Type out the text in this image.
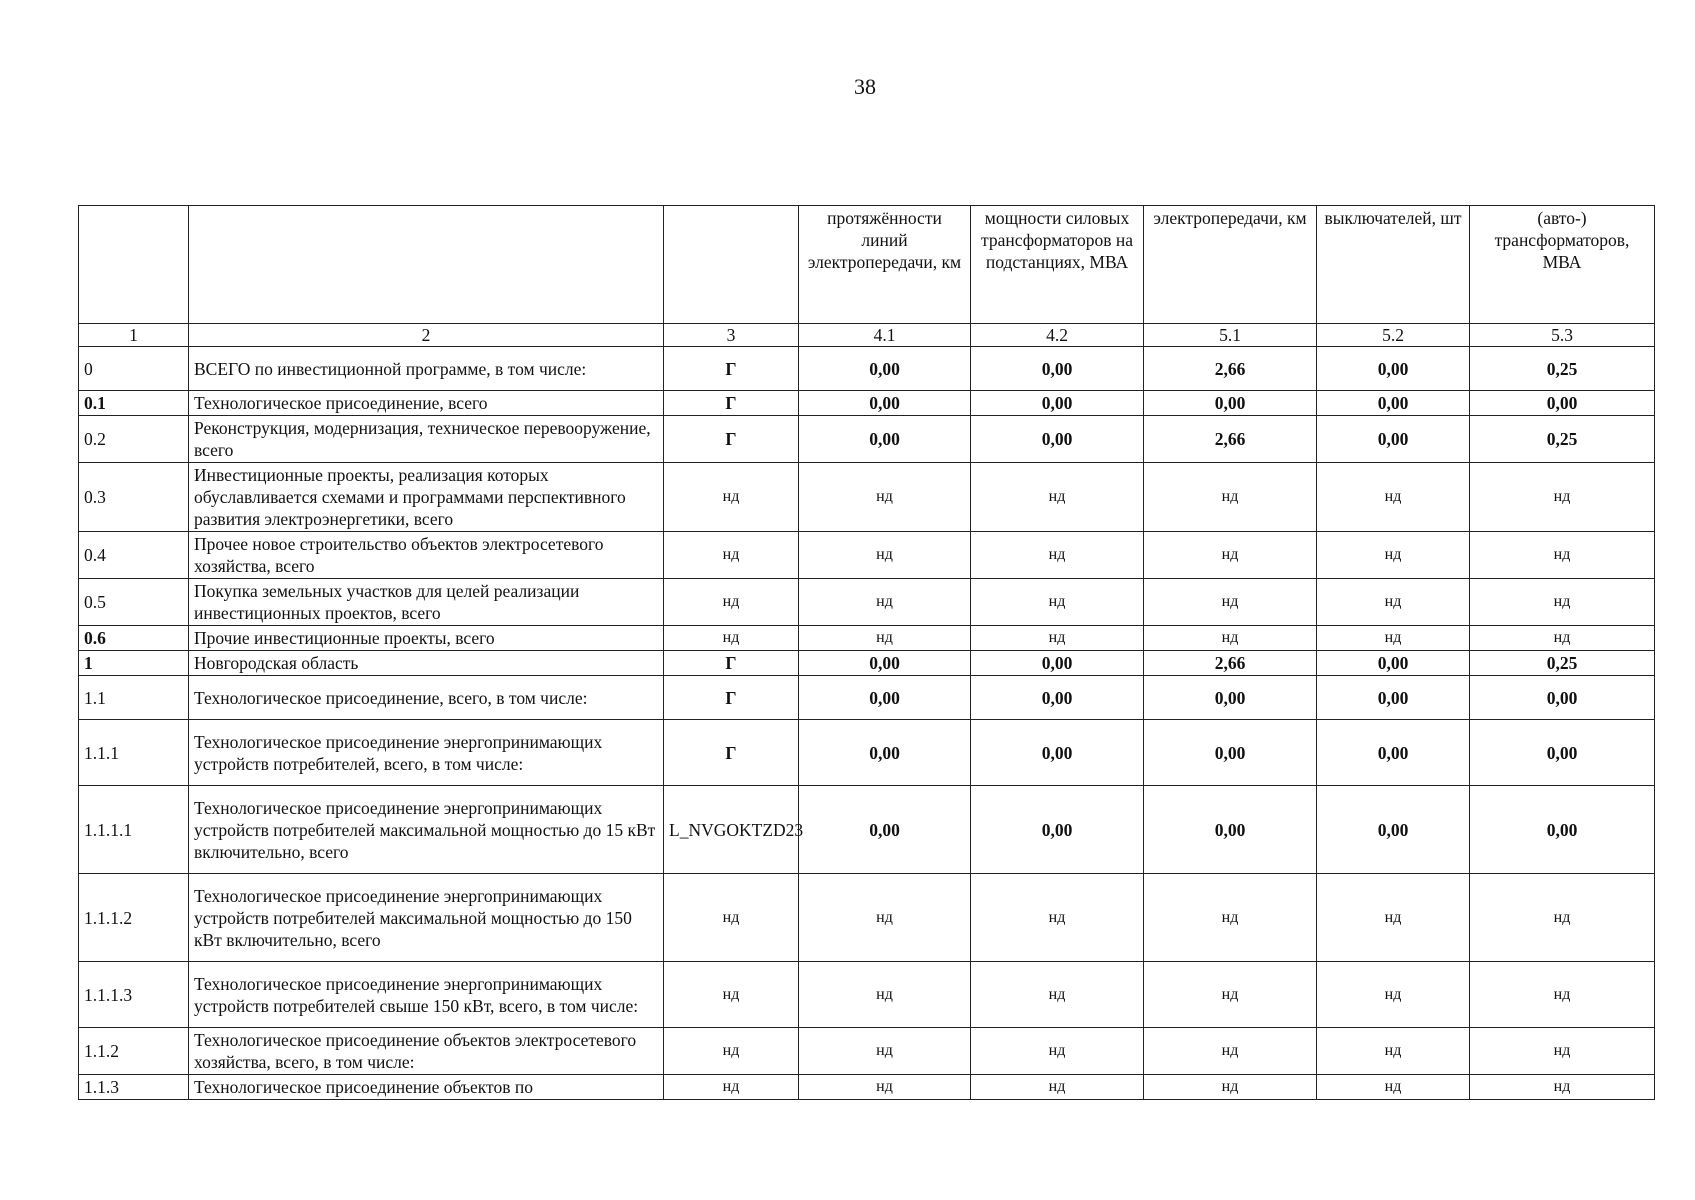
38
			протяжённости линий электропередачи, км	мощности силовых трансформаторов на подстанциях, МВА	электропередачи, км	выключателей, шт	(авто-) трансформаторов, МВА
1	2	3	4.1	4.2	5.1	5.2	5.3
0	ВСЕГО по инвестиционной программе, в том числе:	Г	0,00	0,00	2,66	0,00	0,25
0.1	Технологическое присоединение, всего	Г	0,00	0,00	0,00	0,00	0,00
0.2	Реконструкция, модернизация, техническое перевооружение, всего	Г	0,00	0,00	2,66	0,00	0,25
0.3	Инвестиционные проекты, реализация которых обуславливается схемами и программами перспективного развития электроэнергетики, всего	нд	нд	нд	нд	нд	нд
0.4	Прочее новое строительство объектов электросетевого хозяйства, всего	нд	нд	нд	нд	нд	нд
0.5	Покупка земельных участков для целей реализации инвестиционных проектов, всего	нд	нд	нд	нд	нд	нд
0.6	Прочие инвестиционные проекты, всего	нд	нд	нд	нд	нд	нд
1	Новгородская область	Г	0,00	0,00	2,66	0,00	0,25
1.1	Технологическое присоединение, всего, в том числе:	Г	0,00	0,00	0,00	0,00	0,00
1.1.1	Технологическое присоединение энергопринимающих устройств потребителей, всего, в том числе:	Г	0,00	0,00	0,00	0,00	0,00
1.1.1.1	Технологическое присоединение энергопринимающих устройств потребителей максимальной мощностью до 15 кВт включительно, всего	L_NVGOKTZD23	0,00	0,00	0,00	0,00	0,00
1.1.1.2	Технологическое присоединение энергопринимающих устройств потребителей максимальной мощностью до 150 кВт включительно, всего	нд	нд	нд	нд	нд	нд
1.1.1.3	Технологическое присоединение энергопринимающих устройств потребителей свыше 150 кВт, всего, в том числе:	нд	нд	нд	нд	нд	нд
1.1.2	Технологическое присоединение объектов электросетевого хозяйства, всего, в том числе:	нд	нд	нд	нд	нд	нд
1.1.3	Технологическое присоединение объектов по	нд	нд	нд	нд	нд	нд
